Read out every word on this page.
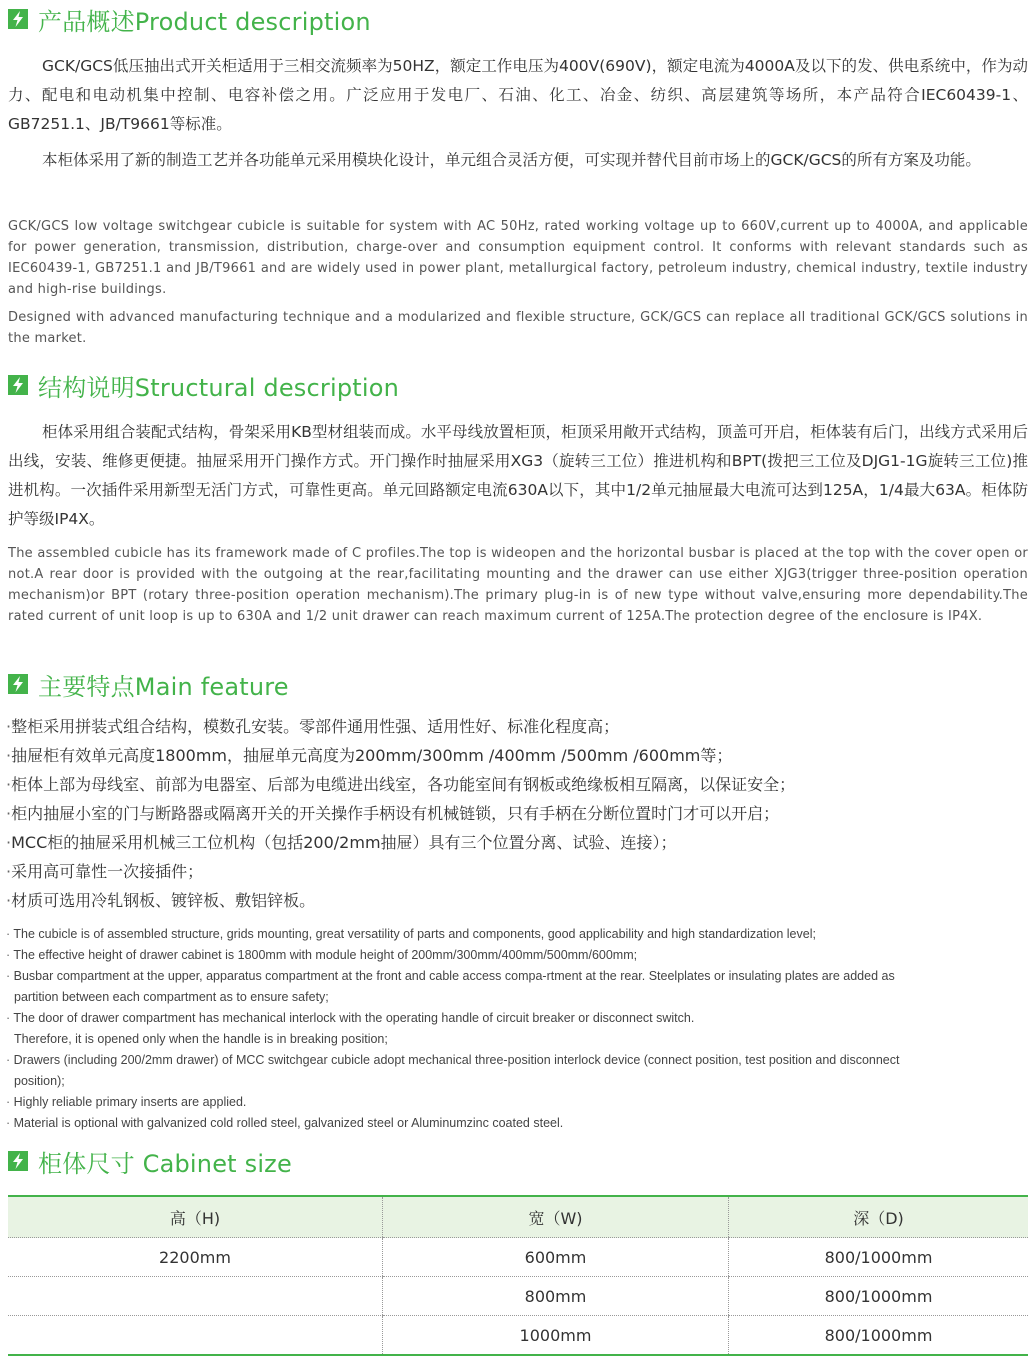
产品概述Product description

GCK/GCS低压抽出式开关柜适用于三相交流频率为50HZ，额定工作电压为400V(690V)，额定电流为4000A及以下的发、供电系统中，作为动力、配电和电动机集中控制、电容补偿之用。广泛应用于发电厂、石油、化工、冶金、纺织、高层建筑等场所，本产品符合IEC60439-1、GB7251.1、JB/T9661等标准。

本柜体采用了新的制造工艺并各功能单元采用模块化设计，单元组合灵活方便，可实现并替代目前市场上的GCK/GCS的所有方案及功能。

GCK/GCS low voltage switchgear cubicle is suitable for system with AC 50Hz, rated working voltage up to 660V,current up to 4000A, and applicable for power generation, transmission, distribution, charge-over and consumption equipment control. It conforms with relevant standards such as IEC60439-1, GB7251.1 and JB/T9661 and are widely used in power plant, metallurgical factory, petroleum industry, chemical industry, textile industry and high-rise buildings.

Designed with advanced manufacturing technique and a modularized and flexible structure, GCK/GCS can replace all traditional GCK/GCS solutions in the market.

结构说明Structural description

柜体采用组合装配式结构，骨架采用KB型材组装而成。水平母线放置柜顶，柜顶采用敞开式结构，顶盖可开启，柜体装有后门，出线方式采用后出线，安装、维修更便捷。抽屉采用开门操作方式。开门操作时抽屉采用XG3（旋转三工位）推进机构和BPT(拨把三工位及DJG1-1G旋转三工位)推进机构。一次插件采用新型无活门方式，可靠性更高。单元回路额定电流630A以下，其中1/2单元抽屉最大电流可达到125A，1/4最大63A。柜体防护等级IP4X。

The assembled cubicle has its framework made of C profiles.The top is wideopen and the horizontal busbar is placed at the top with the cover open or not.A rear door is provided with the outgoing at the rear,facilitating mounting and the drawer can use either XJG3(trigger three-position operation mechanism)or BPT (rotary three-position operation mechanism).The primary plug-in is of new type without valve,ensuring more dependability.The rated current of unit loop is up to 630A and 1/2 unit drawer can reach maximum current of 125A.The protection degree of the enclosure is IP4X.

主要特点Main feature
·整柜采用拼装式组合结构，模数孔安装。零部件通用性强、适用性好、标准化程度高；
·抽屉柜有效单元高度1800mm，抽屉单元高度为200mm/300mm /400mm /500mm /600mm等；
·柜体上部为母线室、前部为电器室、后部为电缆进出线室，各功能室间有钢板或绝缘板相互隔离，以保证安全；
·柜内抽屉小室的门与断路器或隔离开关的开关操作手柄设有机械链锁，只有手柄在分断位置时门才可以开启；
·MCC柜的抽屉采用机械三工位机构（包括200/2mm抽屉）具有三个位置分离、试验、连接）；
·采用高可靠性一次接插件；
·材质可选用冷轧钢板、镀锌板、敷铝锌板。
· The cubicle is of assembled structure, grids mounting, great versatility of parts and components, good applicability and high standardization level;
· The effective height of drawer cabinet is 1800mm with module height of 200mm/300mm/400mm/500mm/600mm;
· Busbar compartment at the upper, apparatus compartment at the front and cable access compa-rtment at the rear. Steelplates or insulating plates are added as
partition between each compartment as to ensure safety;
· The door of drawer compartment has mechanical interlock with the operating handle of circuit breaker or disconnect switch.
Therefore, it is opened only when the handle is in breaking position;
· Drawers (including 200/2mm drawer) of MCC switchgear cubicle adopt mechanical three-position interlock device (connect position, test position and disconnect
position);
· Highly reliable primary inserts are applied.
· Material is optional with galvanized cold rolled steel, galvanized steel or Aluminumzinc coated steel.
柜体尺寸 Cabinet size
高（H)	宽（W)	深（D)
2200mm	600mm	800/1000mm
	800mm	800/1000mm
	1000mm	800/1000mm
